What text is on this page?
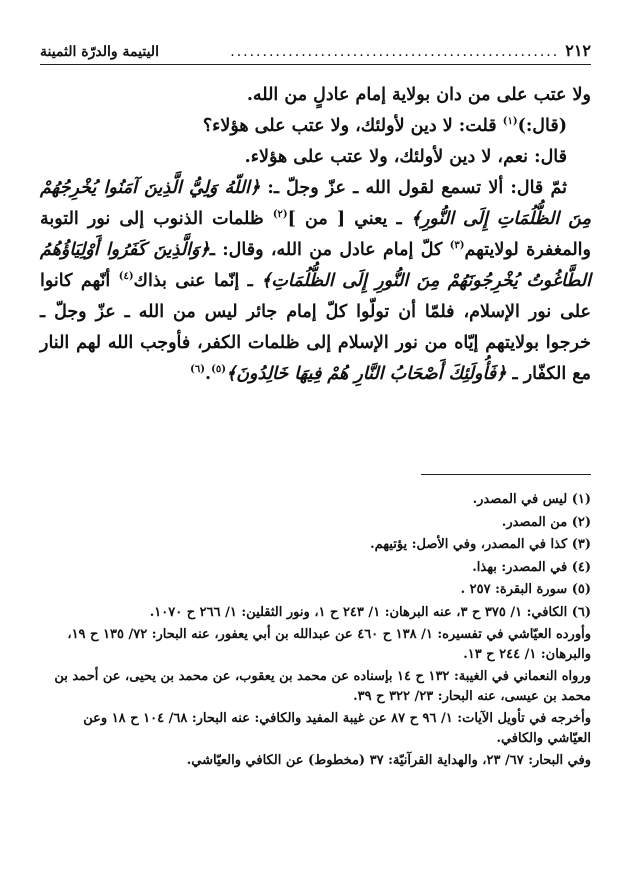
٢١٢
...................................................
اليتيمة والدرّة الثمينة

ولا عتب على من دان بولاية إمام عادلٍ من الله.

(قال:)$^{(١)}$ قلت: لا دين لأولئك، ولا عتب على هؤلاء؟

قال: نعم، لا دين لأولئك، ولا عتب على هؤلاء.

ثمّ قال: ألا تسمع لقول الله ـ عزّ وجلّ ـ: ﴿اللّهُ وَلِيُّ الَّذِينَ آمَنُوا يُخْرِجُهُمْ مِنَ الظُّلُمَاتِ إِلَى النُّورِ﴾ ـ يعني [ من ]$^{(٢)}$ ظلمات الذنوب إلى نور التوبة والمغفرة لولايتهم$^{(٣)}$ كلّ إمام عادل من الله، وقال: ـ﴿وَالَّذِينَ كَفَرُوا أَوْلِيَاؤُهُمُ الطَّاغُوتُ يُخْرِجُونَهُمْ مِنَ النُّورِ إِلَى الظُّلُمَاتِ﴾ ـ إنّما عنى بذاك$^{(٤)}$ أنّهم كانوا على نور الإسلام، فلمّا أن تولّوا كلّ إمام جائر ليس من الله ـ عزّ وجلّ ـ خرجوا بولايتهم إيّاه من نور الإسلام إلى ظلمات الكفر، فأوجب الله لهم النار مع الكفّار ـ ﴿فَأُولَئِكَ أَصْحَابُ النَّارِ هُمْ فِيهَا خَالِدُونَ﴾$^{(٥)}$.$^{(٦)}$

(١) ليس في المصدر.

(٢) من المصدر.

(٣) كذا في المصدر، وفي الأصل: يؤتيهم.

(٤) في المصدر: بهذا.

(٥) سورة البقرة: ٢٥٧ .

(٦) الكافي: ١/ ٣٧٥ ح ٣، عنه البرهان: ١/ ٢٤٣ ح ١، ونور الثقلين: ١/ ٢٦٦ ح ١٠٧٠.

وأورده العيّاشي في تفسيره: ١/ ١٣٨ ح ٤٦٠ عن عبدالله بن أبي يعفور، عنه البحار: ٧٢/ ١٣٥ ح ١٩، والبرهان: ١/ ٢٤٤ ح ١٣.

ورواه النعماني في الغيبة: ١٣٢ ح ١٤ بإسناده عن محمد بن يعقوب، عن محمد بن يحيى، عن أحمد بن محمد بن عيسى، عنه البحار: ٢٣/ ٣٢٢ ح ٣٩.

وأخرجه في تأويل الآيات: ١/ ٩٦ ح ٨٧ عن غيبة المفيد والكافي: عنه البحار: ٦٨/ ١٠٤ ح ١٨ وعن العيّاشي والكافي.

وفي البحار: ٦٧/ ٢٣، والهداية القرآنيّة: ٣٧ (مخطوط) عن الكافي والعيّاشي.
